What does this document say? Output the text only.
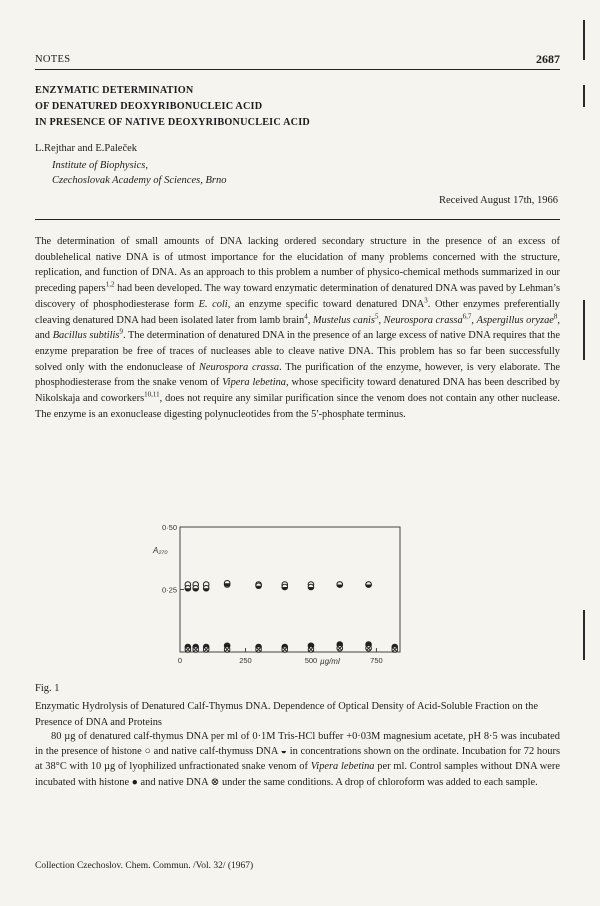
NOTES	2687
ENZYMATIC DETERMINATION
OF DENATURED DEOXYRIBONUCLEIC ACID
IN PRESENCE OF NATIVE DEOXYRIBONUCLEIC ACID
L.Rejthar and E.Paleček
Institute of Biophysics,
Czechoslovak Academy of Sciences, Brno
Received August 17th, 1966
The determination of small amounts of DNA lacking ordered secondary structure in the presence of an excess of doublehelical native DNA is of utmost importance for the elucidation of many problems concerned with the structure, replication, and function of DNA. As an approach to this problem a number of physico-chemical methods summarized in our preceding papers$^{1,2}$ had been developed. The way toward enzymatic determination of denatured DNA was paved by Lehman’s discovery of phosphodiesterase form E. coli, an enzyme specific toward denatured DNA$^3$. Other enzymes preferentially cleaving denatured DNA had been isolated later from lamb brain$^4$, Mustelus canis$^5$, Neurospora crassa$^{6,7}$, Aspergillus oryzae$^8$, and Bacillus subtilis$^9$. The determination of denatured DNA in the presence of an large excess of native DNA requires that the enzyme preparation be free of traces of nucleases able to cleave native DNA. This problem has so far been successfully solved only with the endonuclease of Neurospora crassa. The purification of the enzyme, however, is very elaborate. The phosphodiesterase from the snake venom of Vipera lebetina, whose specificity toward denatured DNA has been described by Nikolskaja and coworkers$^{10,11}$, does not require any similar purification since the venom does not contain any other nuclease. The enzyme is an exonuclease digesting polynucleotides from the 5′-phosphate terminus.
0·25
0·50
0	250	500	750
A₂₇₀
µg/ml
Fig. 1
Enzymatic Hydrolysis of Denatured Calf-Thymus DNA. Dependence of Optical Density of Acid-Soluble Fraction on the Presence of DNA and Proteins
80 µg of denatured calf-thymus DNA per ml of 0·1M Tris-HCl buffer +0·03M magnesium acetate, pH 8·5 was incubated in the presence of histone ○ and native calf-thymuss DNA ◒ in concentrations shown on the ordinate. Incubation for 72 hours at 38°C with 10 µg of lyophilized unfractionated snake venom of Vipera lebetina per ml. Control samples without DNA were incubated with histone ● and native DNA ⊗ under the same conditions. A drop of chloroform was added to each sample.
Collection Czechoslov. Chem. Commun. /Vol. 32/ (1967)
